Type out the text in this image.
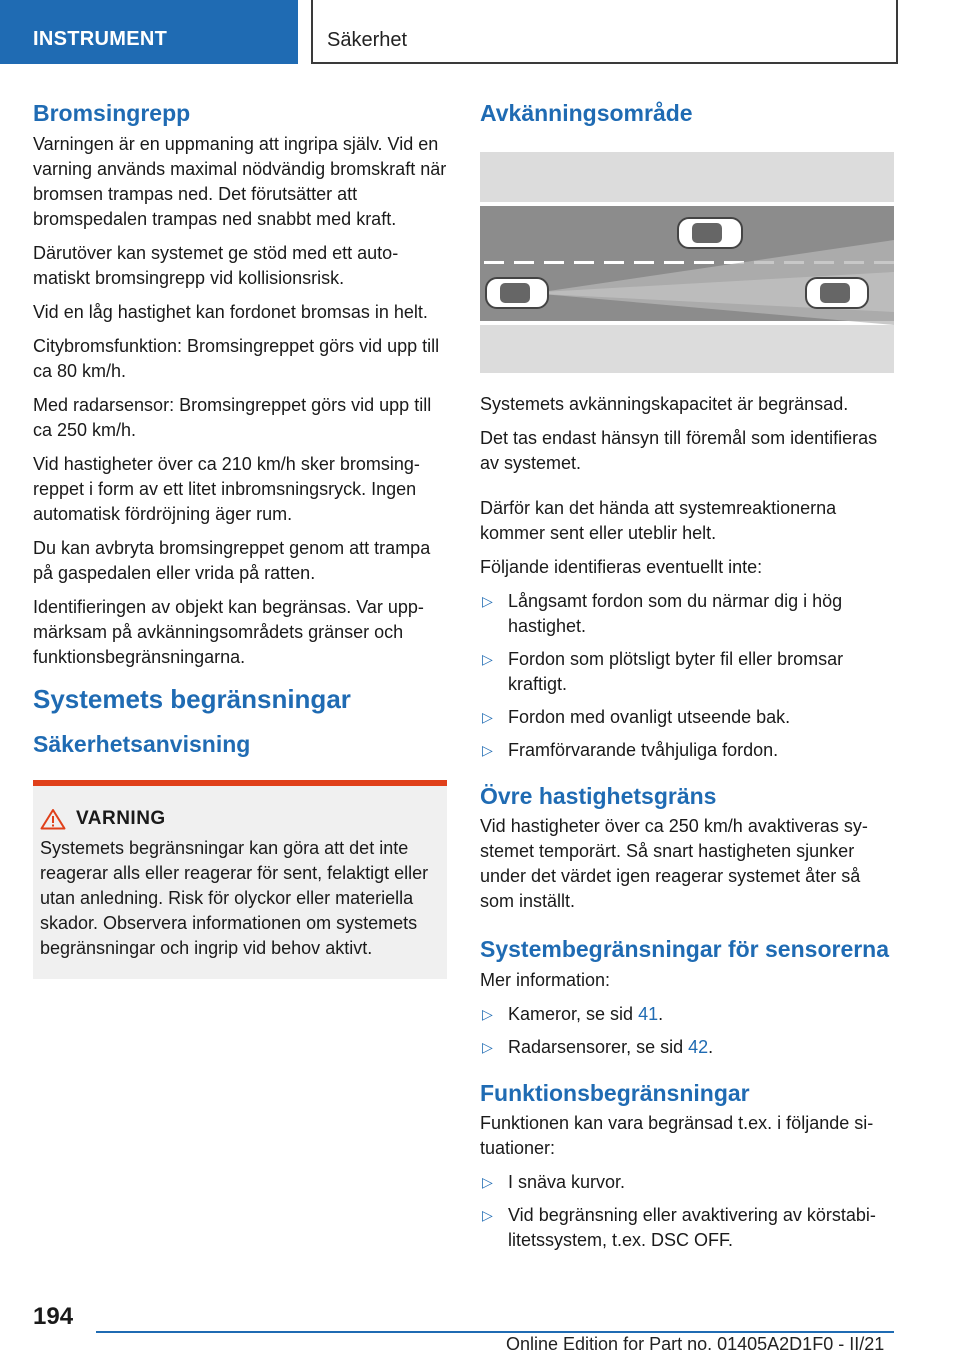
INSTRUMENT	Säkerhet
Bromsingrepp

Varningen är en uppmaning att ingripa själv. Vid en varning används maximal nödvändig bromskraft när bromsen trampas ned. Det förutsätter att bromspedalen trampas ned snabbt med kraft.

Därutöver kan systemet ge stöd med ett automatiskt bromsingrepp vid kollisionsrisk.

Vid en låg hastighet kan fordonet bromsas in helt.

Citybromsfunktion: Bromsingreppet görs vid upp till ca 80 km/h.

Med radarsensor: Bromsingreppet görs vid upp till ca 250 km/h.

Vid hastigheter över ca 210 km/h sker bromsingreppet i form av ett litet inbromsningsryck. Ingen automatisk fördröjning äger rum.

Du kan avbryta bromsingreppet genom att trampa på gaspedalen eller vrida på ratten.

Identifieringen av objekt kan begränsas. Var uppmärksam på avkänningsområdets gränser och funktionsbegränsningarna.

Systemets begränsningar
Säkerhetsanvisning
VARNING

Systemets begränsningar kan göra att det inte reagerar alls eller reagerar för sent, felaktigt eller utan anledning. Risk för olyckor eller materiella skador. Observera informationen om systemets begränsningar och ingrip vid behov aktivt.

Avkänningsområde

Systemets avkänningskapacitet är begränsad.

Det tas endast hänsyn till föremål som identifieras av systemet.

Därför kan det hända att systemreaktionerna kommer sent eller uteblir helt.

Följande identifieras eventuellt inte:

▷ Långsamt fordon som du närmar dig i hög hastighet.
▷ Fordon som plötsligt byter fil eller bromsar kraftigt.
▷ Fordon med ovanligt utseende bak.
▷ Framförvarande tvåhjuliga fordon.
Övre hastighetsgräns

Vid hastigheter över ca 250 km/h avaktiveras systemet temporärt. Så snart hastigheten sjunker under det värdet igen reagerar systemet åter så som inställt.

Systembegränsningar för sensorerna

Mer information:

▷ Kameror, se sid 41.
▷ Radarsensorer, se sid 42.
Funktionsbegränsningar

Funktionen kan vara begränsad t.ex. i följande situationer:

▷ I snäva kurvor.
▷ Vid begränsning eller avaktivering av körstabilitetssystem, t.ex. DSC OFF.
194
Online Edition for Part no. 01405A2D1F0 - II/21
